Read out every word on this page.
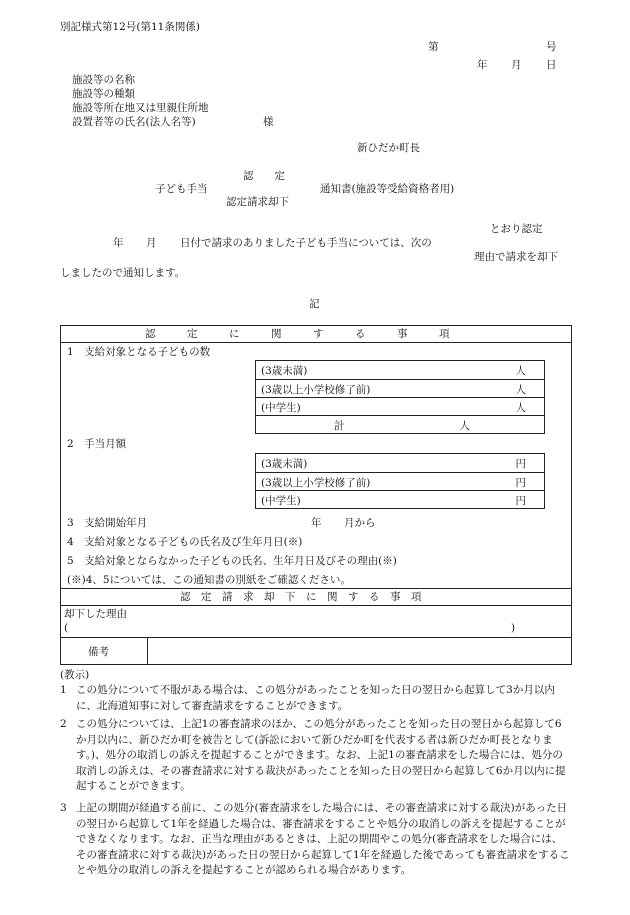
別記様式第12号(第11条関係)
第	号
年 月 日
施設等の名称
施設等の種類
施設等所在地又は里親住所地
設置者等の氏名(法人名等)	様
新ひだか町長
認　　定
子ども手当	通知書(施設等受給資格者用)
認定請求却下
とおり認定
年 月 日付で請求のありました子ども手当については、次の
理由で請求を却下
しましたので通知します。
記
認　　　定　　　に　　　関　　　す　　　る　　　事　　　項
1　支給対象となる子どもの数
(3歳未満)	人
(3歳以上小学校修了前)	人
(中学生)	人
計	人
2　手当月額
(3歳未満)	円
(3歳以上小学校修了前)	円
(中学生)	円
3　支給開始年月	年 月から
4　支給対象となる子どもの氏名及び生年月日(※)
5　支給対象とならなかった子どもの氏名、生年月日及びその理由(※)
(※)4、5については、この通知書の別紙をご確認ください。
認　定　請　求　却　下　に　関　す　る　事　項
却下した理由
(	)
備考
(教示)
1 この処分について不服がある場合は、この処分があったことを知った日の翌日から起算して3か月以内に、北海道知事に対して審査請求をすることができます。
2 この処分については、上記1の審査請求のほか、この処分があったことを知った日の翌日から起算して6か月以内に、新ひだか町を被告として(訴訟において新ひだか町を代表する者は新ひだか町長となります。)、処分の取消しの訴えを提起することができます。なお、上記1の審査請求をした場合には、処分の取消しの訴えは、その審査請求に対する裁決があったことを知った日の翌日から起算して6か月以内に提起することができます。
3 上記の期間が経過する前に、この処分(審査請求をした場合には、その審査請求に対する裁決)があった日の翌日から起算して1年を経過した場合は、審査請求をすることや処分の取消しの訴えを提起することができなくなります。なお、正当な理由があるときは、上記の期間やこの処分(審査請求をした場合には、その審査請求に対する裁決)があった日の翌日から起算して1年を経過した後であっても審査請求をすることや処分の取消しの訴えを提起することが認められる場合があります。
